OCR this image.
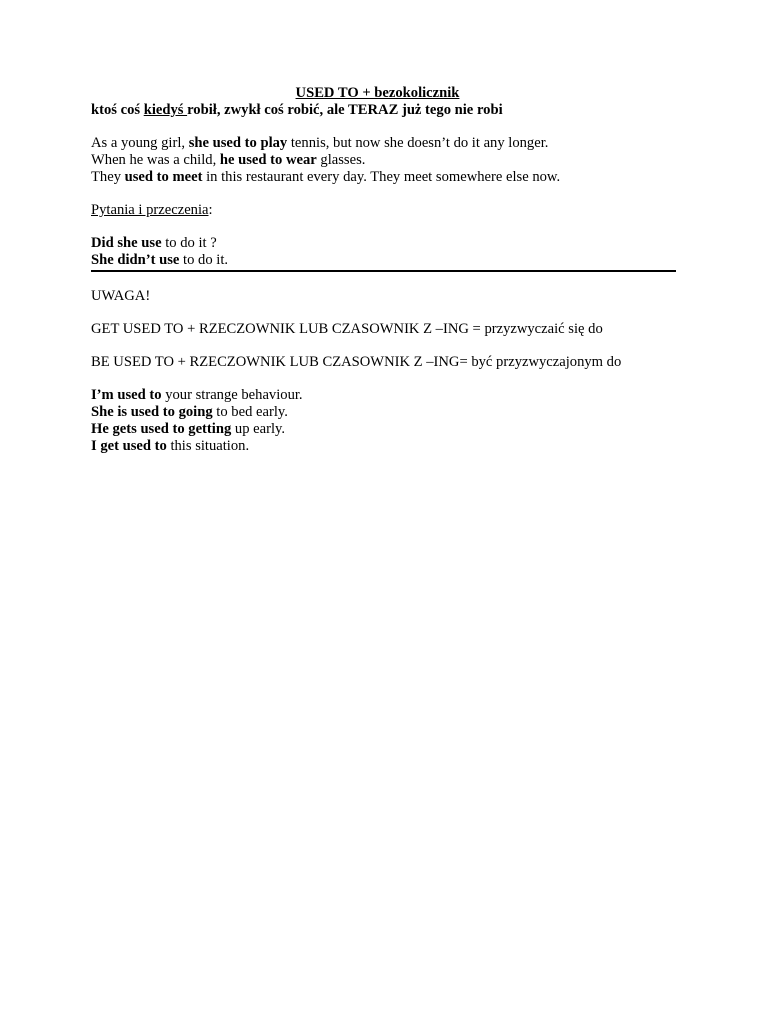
USED TO + bezokolicznik
ktoś coś kiedyś robił, zwykł coś robić, ale TERAZ już tego nie robi
As a young girl, she used to play tennis, but now she doesn’t do it any longer.
When he was a child, he used to wear glasses.
They used to meet in this restaurant every day. They meet somewhere else now.
Pytania i przeczenia:
Did she use to do it ?
She didn’t use to do it.
UWAGA!
GET USED TO + RZECZOWNIK LUB CZASOWNIK Z –ING = przyzwyczaić się do
BE USED TO + RZECZOWNIK LUB CZASOWNIK Z –ING= być przyzwyczajonym do
I’m used to your strange behaviour.
She is used to going to bed early.
He gets used to getting up early.
I get used to this situation.
